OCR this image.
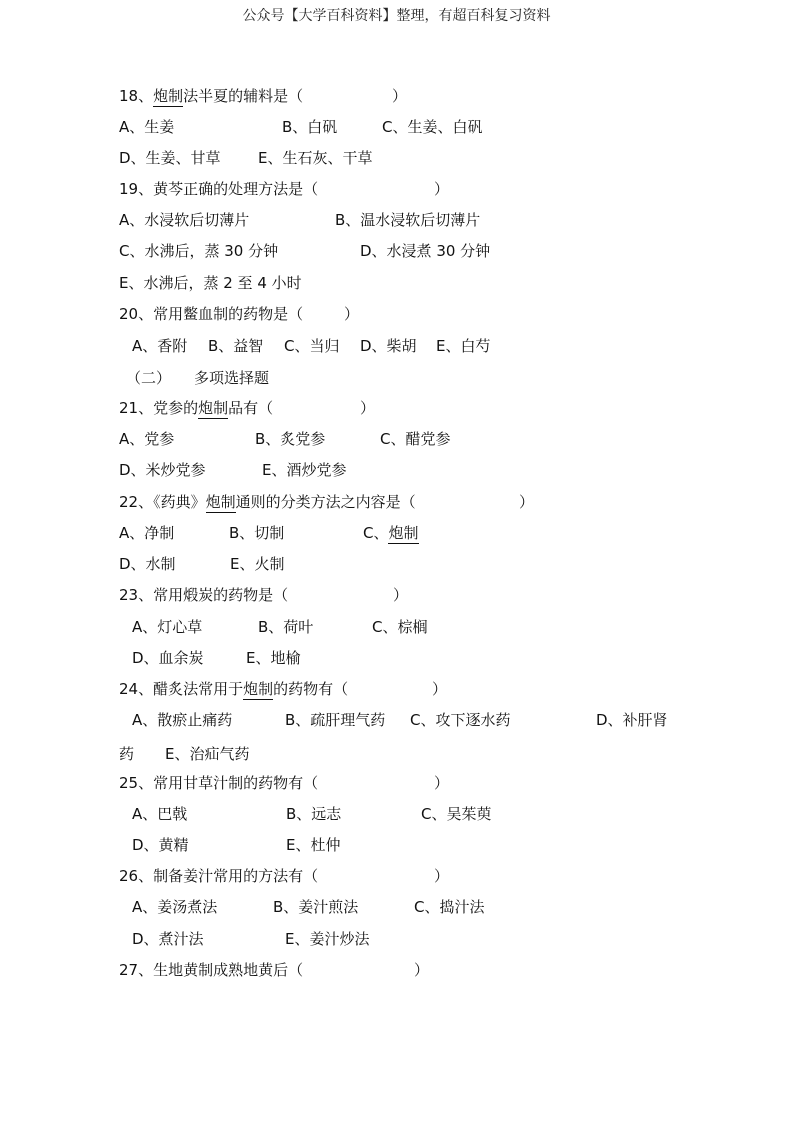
公众号【大学百科资料】整理，有超百科复习资料
18、炮制法半夏的辅料是（	）
A、生姜	B、白矾	C、生姜、白矾
D、生姜、甘草 E、生石灰、干草
19、黄芩正确的处理方法是（	）
A、水浸软后切薄片	B、温水浸软后切薄片
C、水沸后，蒸 30 分钟	D、水浸煮 30 分钟
E、水沸后，蒸 2 至 4 小时
20、常用鳖血制的药物是（	）
A、香附 B、益智 C、当归 D、柴胡 E、白芍
（二） 多项选择题
21、党参的炮制品有（	）
A、党参	B、炙党参	C、醋党参
D、米炒党参	E、酒炒党参
22、《药典》炮制通则的分类方法之内容是（	）
A、净制	B、切制	C、炮制
D、水制	E、火制
23、常用煅炭的药物是（	）
A、灯心草	B、荷叶	C、棕榈
D、血余炭	E、地榆
24、醋炙法常用于炮制的药物有（	）
A、散瘀止痛药	B、疏肝理气药 C、攻下逐水药	D、补肝肾
药 E、治疝气药
25、常用甘草汁制的药物有（	）
A、巴戟	B、远志	C、吴茱萸
D、黄精	E、杜仲
26、制备姜汁常用的方法有（	）
A、姜汤煮法	B、姜汁煎法	C、捣汁法
D、煮汁法	E、姜汁炒法
27、生地黄制成熟地黄后（	）
